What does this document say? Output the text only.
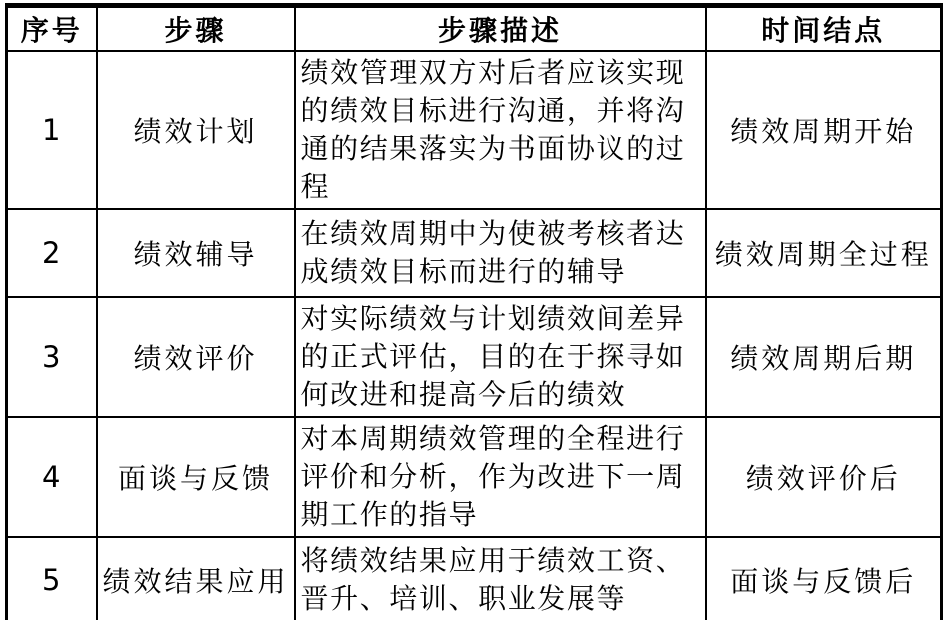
序号	步骤	步骤描述	时间结点
1	绩效计划	绩效管理双方对后者应该实现的绩效目标进行沟通，并将沟通的结果落实为书面协议的过程	绩效周期开始
2	绩效辅导	在绩效周期中为使被考核者达成绩效目标而进行的辅导	绩效周期全过程
3	绩效评价	对实际绩效与计划绩效间差异的正式评估，目的在于探寻如何改进和提高今后的绩效	绩效周期后期
4	面谈与反馈	对本周期绩效管理的全程进行评价和分析，作为改进下一周期工作的指导	绩效评价后
5	绩效结果应用	将绩效结果应用于绩效工资、晋升、培训、职业发展等	面谈与反馈后
